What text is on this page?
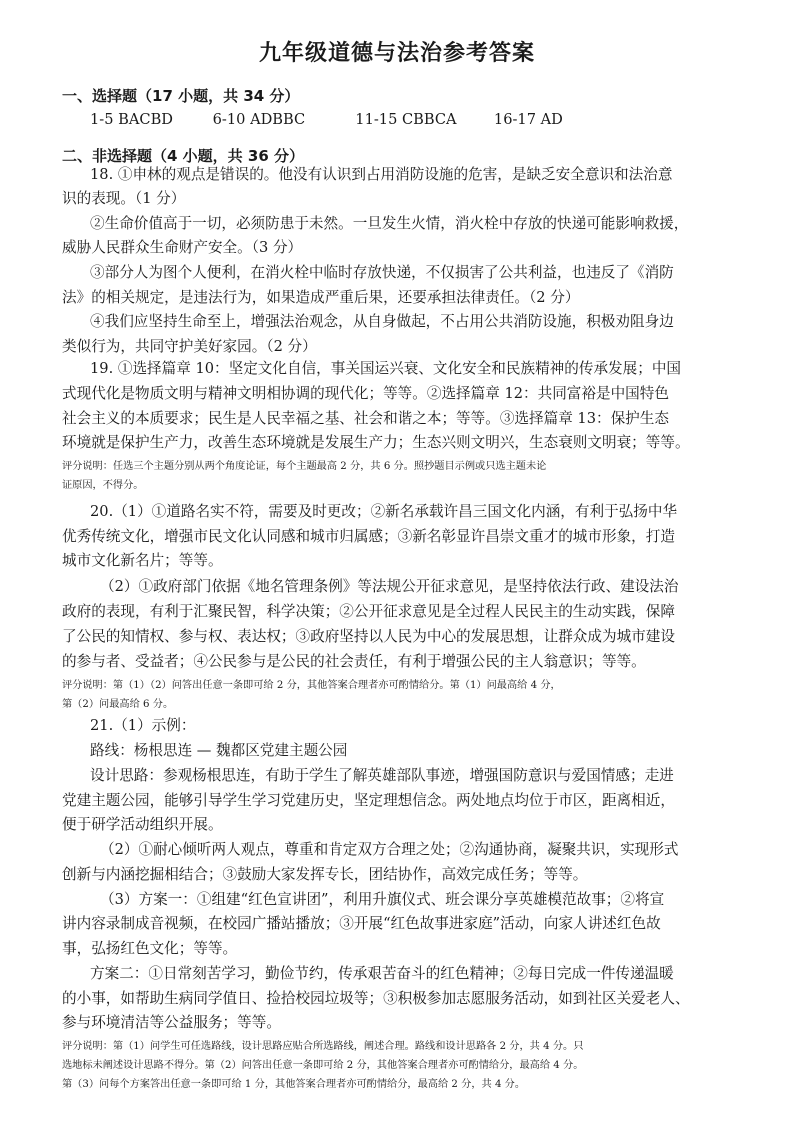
九年级道德与法治参考答案
一、选择题（17 小题，共 34 分）
1-5 BACBD	6-10 ADBBC	11-15 CBBCA	16-17 AD
二、非选择题（4 小题，共 36 分）
18. ①申林的观点是错误的。他没有认识到占用消防设施的危害，是缺乏安全意识和法治意
识的表现。（1 分）
②生命价值高于一切，必须防患于未然。一旦发生火情，消火栓中存放的快递可能影响救援，
威胁人民群众生命财产安全。（3 分）
③部分人为图个人便利，在消火栓中临时存放快递，不仅损害了公共利益，也违反了《消防
法》的相关规定，是违法行为，如果造成严重后果，还要承担法律责任。（2 分）
④我们应坚持生命至上，增强法治观念，从自身做起，不占用公共消防设施，积极劝阻身边
类似行为，共同守护美好家园。（2 分）
19. ①选择篇章 10：坚定文化自信，事关国运兴衰、文化安全和民族精神的传承发展；中国
式现代化是物质文明与精神文明相协调的现代化；等等。②选择篇章 12：共同富裕是中国特色
社会主义的本质要求；民生是人民幸福之基、社会和谐之本；等等。③选择篇章 13：保护生态
环境就是保护生产力，改善生态环境就是发展生产力；生态兴则文明兴，生态衰则文明衰；等等。
评分说明：任选三个主题分别从两个角度论证，每个主题最高 2 分，共 6 分。照抄题目示例或只选主题未论
证原因，不得分。
20.（1）①道路名实不符，需要及时更改；②新名承载许昌三国文化内涵，有利于弘扬中华
优秀传统文化，增强市民文化认同感和城市归属感；③新名彰显许昌崇文重才的城市形象，打造
城市文化新名片；等等。
（2）①政府部门依据《地名管理条例》等法规公开征求意见，是坚持依法行政、建设法治
政府的表现，有利于汇聚民智，科学决策；②公开征求意见是全过程人民民主的生动实践，保障
了公民的知情权、参与权、表达权；③政府坚持以人民为中心的发展思想，让群众成为城市建设
的参与者、受益者；④公民参与是公民的社会责任，有利于增强公民的主人翁意识；等等。
评分说明：第（1）（2）问答出任意一条即可给 2 分，其他答案合理者亦可酌情给分。第（1）问最高给 4 分，
第（2）问最高给 6 分。
21.（1）示例：
路线：杨根思连 — 魏都区党建主题公园
设计思路：参观杨根思连，有助于学生了解英雄部队事迹，增强国防意识与爱国情感；走进
党建主题公园，能够引导学生学习党建历史，坚定理想信念。两处地点均位于市区，距离相近，
便于研学活动组织开展。
（2）①耐心倾听两人观点，尊重和肯定双方合理之处；②沟通协商，凝聚共识，实现形式
创新与内涵挖掘相结合；③鼓励大家发挥专长，团结协作，高效完成任务；等等。
（3）方案一：①组建“红色宣讲团”，利用升旗仪式、班会课分享英雄模范故事；②将宣
讲内容录制成音视频，在校园广播站播放；③开展“红色故事进家庭”活动，向家人讲述红色故
事，弘扬红色文化；等等。
方案二：①日常刻苦学习，勤俭节约，传承艰苦奋斗的红色精神；②每日完成一件传递温暖
的小事，如帮助生病同学值日、捡拾校园垃圾等；③积极参加志愿服务活动，如到社区关爱老人、
参与环境清洁等公益服务；等等。
评分说明：第（1）问学生可任选路线，设计思路应贴合所选路线，阐述合理。路线和设计思路各 2 分，共 4 分。只
选地标未阐述设计思路不得分。第（2）问答出任意一条即可给 2 分，其他答案合理者亦可酌情给分，最高给 4 分。
第（3）问每个方案答出任意一条即可给 1 分，其他答案合理者亦可酌情给分，最高给 2 分，共 4 分。
